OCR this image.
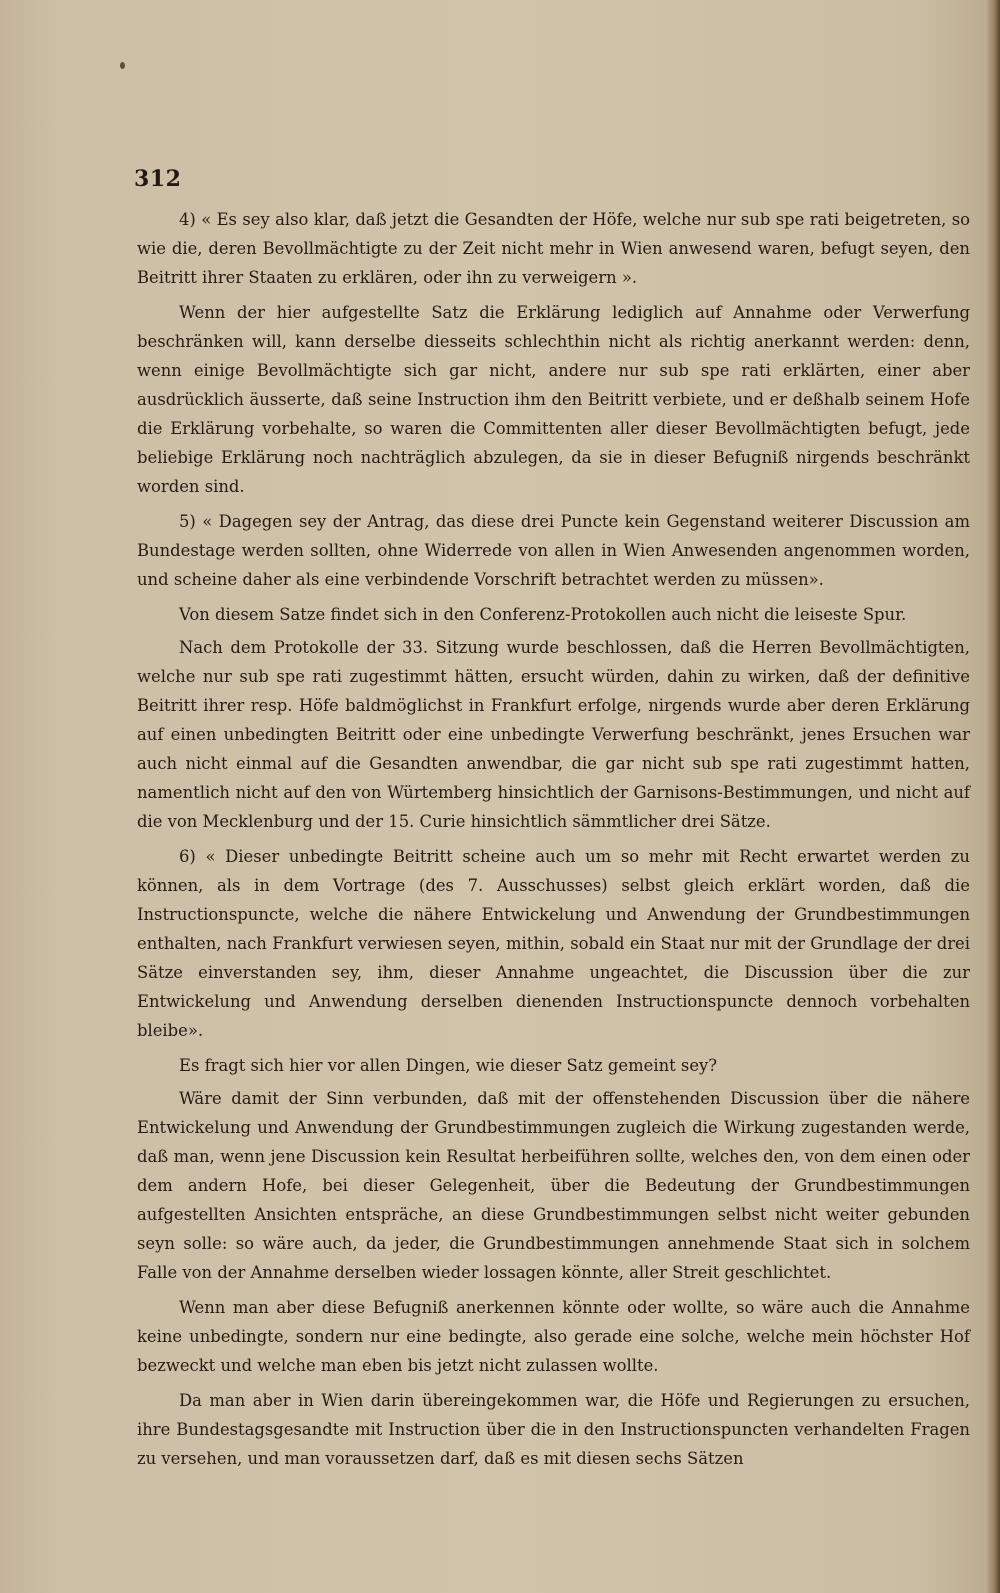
312

4) « Es sey also klar, daß jetzt die Gesandten der Höfe, welche nur sub spe rati beigetreten, so wie die, deren Bevollmächtigte zu der Zeit nicht mehr in Wien anwesend waren, befugt seyen, den Beitritt ihrer Staaten zu erklären, oder ihn zu verweigern ».

Wenn der hier aufgestellte Satz die Erklärung lediglich auf Annahme oder Verwerfung beschränken will, kann derselbe diesseits schlechthin nicht als richtig anerkannt werden: denn, wenn einige Bevollmächtigte sich gar nicht, andere nur sub spe rati erklärten, einer aber ausdrücklich äusserte, daß seine Instruction ihm den Beitritt verbiete, und er deßhalb seinem Hofe die Erklärung vorbehalte, so waren die Committenten aller dieser Bevollmächtigten befugt, jede beliebige Erklärung noch nachträglich abzulegen, da sie in dieser Befugniß nirgends beschränkt worden sind.

5) « Dagegen sey der Antrag, das diese drei Puncte kein Gegenstand weiterer Discussion am Bundestage werden sollten, ohne Widerrede von allen in Wien Anwesenden angenommen worden, und scheine daher als eine verbindende Vorschrift betrachtet werden zu müssen».

Von diesem Satze findet sich in den Conferenz-Protokollen auch nicht die leiseste Spur.

Nach dem Protokolle der 33. Sitzung wurde beschlossen, daß die Herren Bevollmächtigten, welche nur sub spe rati zugestimmt hätten, ersucht würden, dahin zu wirken, daß der definitive Beitritt ihrer resp. Höfe baldmöglichst in Frankfurt erfolge, nirgends wurde aber deren Erklärung auf einen unbedingten Beitritt oder eine unbedingte Verwerfung beschränkt, jenes Ersuchen war auch nicht einmal auf die Gesandten anwendbar, die gar nicht sub spe rati zugestimmt hatten, namentlich nicht auf den von Würtemberg hinsichtlich der Garnisons-Bestimmungen, und nicht auf die von Mecklenburg und der 15. Curie hinsichtlich sämmtlicher drei Sätze.

6) « Dieser unbedingte Beitritt scheine auch um so mehr mit Recht erwartet werden zu können, als in dem Vortrage (des 7. Ausschusses) selbst gleich erklärt worden, daß die Instructionspuncte, welche die nähere Entwickelung und Anwendung der Grundbestimmungen enthalten, nach Frankfurt verwiesen seyen, mithin, sobald ein Staat nur mit der Grundlage der drei Sätze einverstanden sey, ihm, dieser Annahme ungeachtet, die Discussion über die zur Entwickelung und Anwendung derselben dienenden Instructionspuncte dennoch vorbehalten bleibe».

Es fragt sich hier vor allen Dingen, wie dieser Satz gemeint sey?

Wäre damit der Sinn verbunden, daß mit der offenstehenden Discussion über die nähere Entwickelung und Anwendung der Grundbestimmungen zugleich die Wirkung zugestanden werde, daß man, wenn jene Discussion kein Resultat herbeiführen sollte, welches den, von dem einen oder dem andern Hofe, bei dieser Gelegenheit, über die Bedeutung der Grundbestimmungen aufgestellten Ansichten entspräche, an diese Grundbestimmungen selbst nicht weiter gebunden seyn solle: so wäre auch, da jeder, die Grundbestimmungen annehmende Staat sich in solchem Falle von der Annahme derselben wieder lossagen könnte, aller Streit geschlichtet.

Wenn man aber diese Befugniß anerkennen könnte oder wollte, so wäre auch die Annahme keine unbedingte, sondern nur eine bedingte, also gerade eine solche, welche mein höchster Hof bezweckt und welche man eben bis jetzt nicht zulassen wollte.

Da man aber in Wien darin übereingekommen war, die Höfe und Regierungen zu ersuchen, ihre Bundestagsgesandte mit Instruction über die in den Instructionspuncten verhandelten Fragen zu versehen, und man voraussetzen darf, daß es mit diesen sechs Sätzen
